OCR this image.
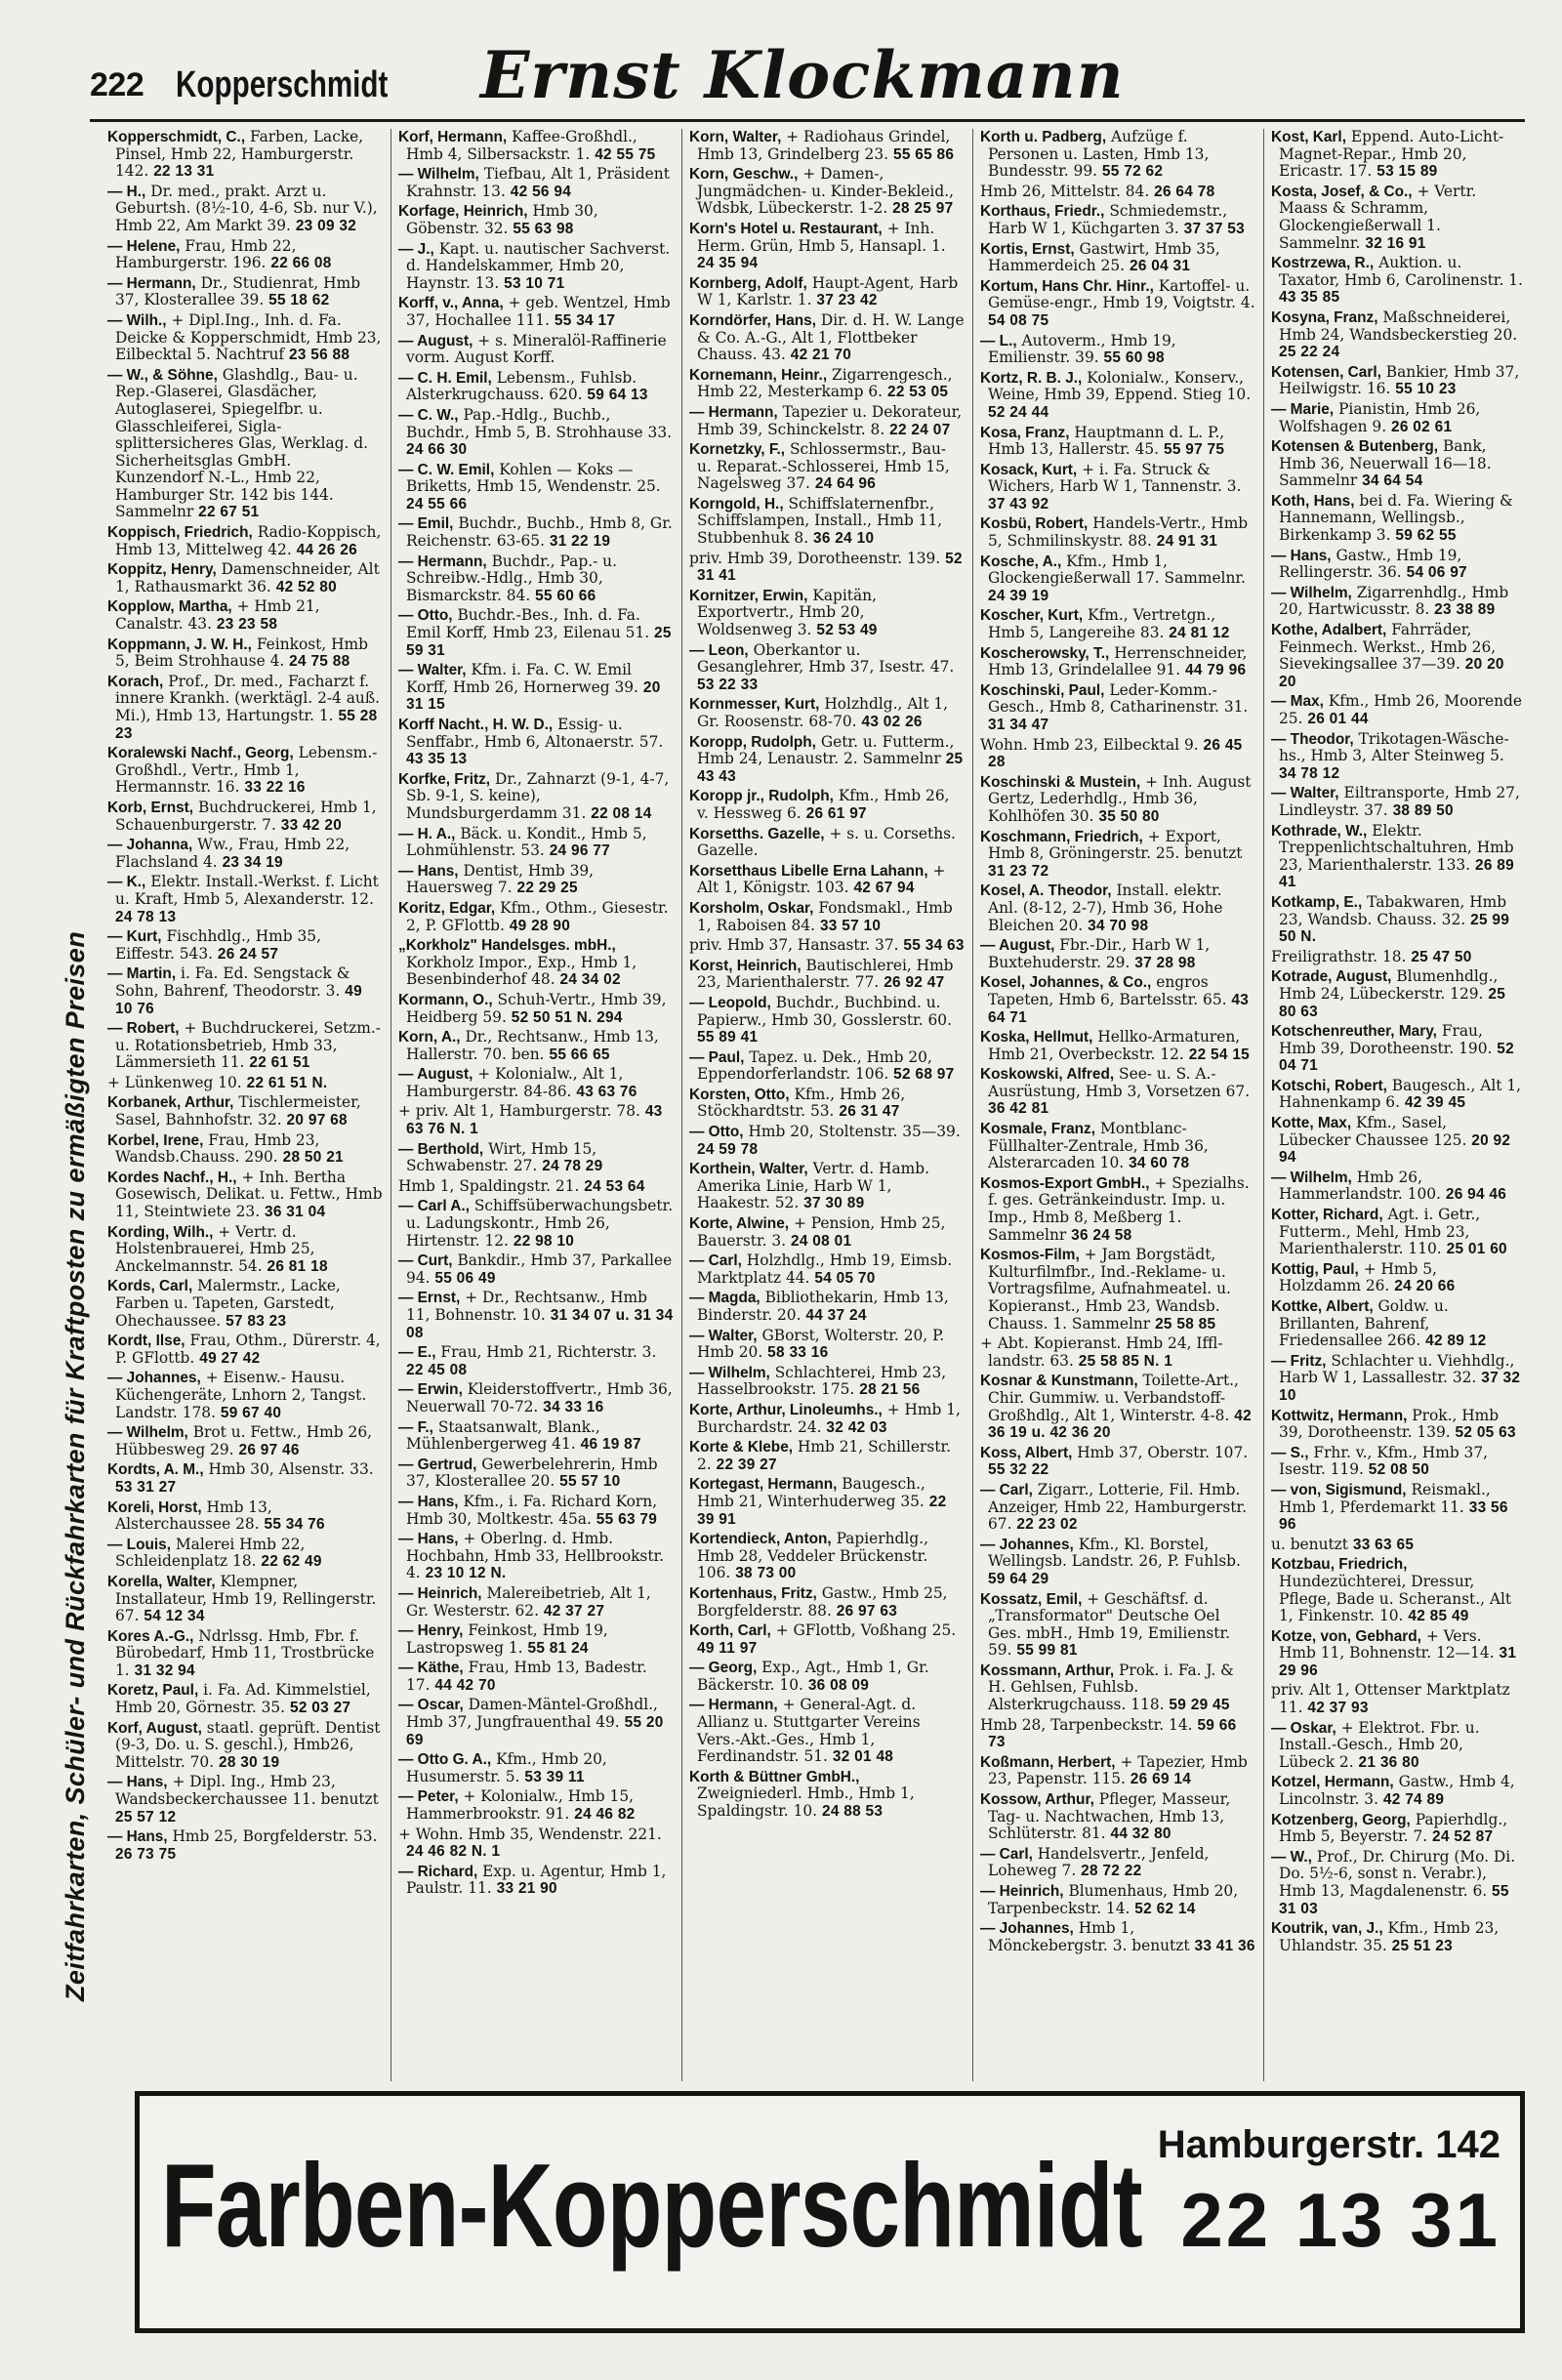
222 Kopperschmidt Ernst Klockmann
Zeitfahrkarten, Schüler- und Rückfahrkarten für Kraftposten zu ermäßigten Preisen
Kopperschmidt, C., Farben, Lacke, Pinsel, Hmb 22, Hamburgerstr. 142. 22 13 31
— H., Dr. med., prakt. Arzt u. Geburtsh. (8½-10, 4-6, Sb. nur V.), Hmb 22, Am Markt 39. 23 09 32
— Helene, Frau, Hmb 22, Hamburgerstr. 196. 22 66 08
— Hermann, Dr., Studienrat, Hmb 37, Klosterallee 39. 55 18 62
— Wilh., + Dipl.Ing., Inh. d. Fa. Deicke & Kopperschmidt, Hmb 23, Eilbecktal 5. Nachtruf 23 56 88
— W., & Söhne, Glashdlg., Bau- u. Rep.-Glaserei, Glasdächer, Autoglaserei, Spiegelfbr. u. Glasschleiferei, Sigla-splittersicheres Glas, Werklag. d. Sicherheitsglas GmbH. Kunzendorf N.-L., Hmb 22, Hamburger Str. 142 bis 144. Sammelnr 22 67 51
Koppisch, Friedrich, Radio-Koppisch, Hmb 13, Mittelweg 42. 44 26 26
Koppitz, Henry, Damenschneider, Alt 1, Rathausmarkt 36. 42 52 80
Kopplow, Martha, + Hmb 21, Canalstr. 43. 23 23 58
Koppmann, J. W. H., Feinkost, Hmb 5, Beim Strohhause 4. 24 75 88
Korach, Prof., Dr. med., Facharzt f. innere Krankh. (werktägl. 2-4 auß. Mi.), Hmb 13, Hartungstr. 1. 55 28 23
Koralewski Nachf., Georg, Lebensm.-Großhdl., Vertr., Hmb 1, Hermannstr. 16. 33 22 16
Korb, Ernst, Buchdruckerei, Hmb 1, Schauenburgerstr. 7. 33 42 20
— Johanna, Ww., Frau, Hmb 22, Flachsland 4. 23 34 19
— K., Elektr. Install.-Werkst. f. Licht u. Kraft, Hmb 5, Alexanderstr. 12. 24 78 13
— Kurt, Fischhdlg., Hmb 35, Eiffestr. 543. 26 24 57
— Martin, i. Fa. Ed. Sengstack & Sohn, Bahrenf, Theodorstr. 3. 49 10 76
— Robert, + Buchdruckerei, Setzm.- u. Rotationsbetrieb, Hmb 33, Lämmersieth 11. 22 61 51
+ Lünkenweg 10. 22 61 51 N.
Korbanek, Arthur, Tischlermeister, Sasel, Bahnhofstr. 32. 20 97 68
Korbel, Irene, Frau, Hmb 23, Wandsb.Chauss. 290. 28 50 21
Kordes Nachf., H., + Inh. Bertha Gosewisch, Delikat. u. Fettw., Hmb 11, Steintwiete 23. 36 31 04
Kording, Wilh., + Vertr. d. Holstenbrauerei, Hmb 25, Anckelmannstr. 54. 26 81 18
Kords, Carl, Malermstr., Lacke, Farben u. Tapeten, Garstedt, Ohechaussee. 57 83 23
Kordt, Ilse, Frau, Othm., Dürerstr. 4, P. GFlottb. 49 27 42
— Johannes, + Eisenw.- Hausu. Küchengeräte, Lnhorn 2, Tangst. Landstr. 178. 59 67 40
— Wilhelm, Brot u. Fettw., Hmb 26, Hübbesweg 29. 26 97 46
Kordts, A. M., Hmb 30, Alsenstr. 33. 53 31 27
Koreli, Horst, Hmb 13, Alsterchaussee 28. 55 34 76
— Louis, Malerei Hmb 22, Schleidenplatz 18. 22 62 49
Korella, Walter, Klempner, Installateur, Hmb 19, Rellingerstr. 67. 54 12 34
Kores A.-G., Ndrlssg. Hmb, Fbr. f. Bürobedarf, Hmb 11, Trostbrücke 1. 31 32 94
Koretz, Paul, i. Fa. Ad. Kimmelstiel, Hmb 20, Görnestr. 35. 52 03 27
Korf, August, staatl. geprüft. Dentist (9-3, Do. u. S. geschl.), Hmb26, Mittelstr. 70. 28 30 19
— Hans, + Dipl. Ing., Hmb 23, Wandsbeckerchaussee 11. benutzt 25 57 12
— Hans, Hmb 25, Borgfelderstr. 53. 26 73 75
Korf, Hermann, Kaffee-Großhdl., Hmb 4, Silbersackstr. 1. 42 55 75
— Wilhelm, Tiefbau, Alt 1, Präsident Krahnstr. 13. 42 56 94
Korfage, Heinrich, Hmb 30, Göbenstr. 32. 55 63 98
— J., Kapt. u. nautischer Sachverst. d. Handelskammer, Hmb 20, Haynstr. 13. 53 10 71
Korff, v., Anna, + geb. Wentzel, Hmb 37, Hochallee 111. 55 34 17
— August, + s. Mineralöl-Raffinerie vorm. August Korff.
— C. H. Emil, Lebensm., Fuhlsb. Alsterkrugchauss. 620. 59 64 13
— C. W., Pap.-Hdlg., Buchb., Buchdr., Hmb 5, B. Strohhause 33. 24 66 30
— C. W. Emil, Kohlen — Koks — Briketts, Hmb 15, Wendenstr. 25. 24 55 66
— Emil, Buchdr., Buchb., Hmb 8, Gr. Reichenstr. 63-65. 31 22 19
— Hermann, Buchdr., Pap.- u. Schreibw.-Hdlg., Hmb 30, Bismarckstr. 84. 55 60 66
— Otto, Buchdr.-Bes., Inh. d. Fa. Emil Korff, Hmb 23, Eilenau 51. 25 59 31
— Walter, Kfm. i. Fa. C. W. Emil Korff, Hmb 26, Hornerweg 39. 20 31 15
Korff Nacht., H. W. D., Essig- u. Senffabr., Hmb 6, Altonaerstr. 57. 43 35 13
Korfke, Fritz, Dr., Zahnarzt (9-1, 4-7, Sb. 9-1, S. keine), Mundsburgerdamm 31. 22 08 14
— H. A., Bäck. u. Kondit., Hmb 5, Lohmühlenstr. 53. 24 96 77
— Hans, Dentist, Hmb 39, Hauersweg 7. 22 29 25
Koritz, Edgar, Kfm., Othm., Giesestr. 2, P. GFlottb. 49 28 90
„Korkholz" Handelsges. mbH., Korkholz Impor., Exp., Hmb 1, Besenbinderhof 48. 24 34 02
Kormann, O., Schuh-Vertr., Hmb 39, Heidberg 59. 52 50 51 N. 294
Korn, A., Dr., Rechtsanw., Hmb 13, Hallerstr. 70. ben. 55 66 65
— August, + Kolonialw., Alt 1, Hamburgerstr. 84-86. 43 63 76
+ priv. Alt 1, Hamburgerstr. 78. 43 63 76 N. 1
— Berthold, Wirt, Hmb 15, Schwabenstr. 27. 24 78 29
Hmb 1, Spaldingstr. 21. 24 53 64
— Carl A., Schiffsüberwachungsbetr. u. Ladungskontr., Hmb 26, Hirtenstr. 12. 22 98 10
— Curt, Bankdir., Hmb 37, Parkallee 94. 55 06 49
— Ernst, + Dr., Rechtsanw., Hmb 11, Bohnenstr. 10. 31 34 07 u. 31 34 08
— E., Frau, Hmb 21, Richterstr. 3. 22 45 08
— Erwin, Kleiderstoffvertr., Hmb 36, Neuerwall 70-72. 34 33 16
— F., Staatsanwalt, Blank., Mühlenbergerweg 41. 46 19 87
— Gertrud, Gewerbelehrerin, Hmb 37, Klosterallee 20. 55 57 10
— Hans, Kfm., i. Fa. Richard Korn, Hmb 30, Moltkestr. 45a. 55 63 79
— Hans, + Oberlng. d. Hmb. Hochbahn, Hmb 33, Hellbrookstr. 4. 23 10 12 N.
— Heinrich, Malereibetrieb, Alt 1, Gr. Westerstr. 62. 42 37 27
— Henry, Feinkost, Hmb 19, Lastropsweg 1. 55 81 24
— Käthe, Frau, Hmb 13, Badestr. 17. 44 42 70
— Oscar, Damen-Mäntel-Großhdl., Hmb 37, Jungfrauenthal 49. 55 20 69
— Otto G. A., Kfm., Hmb 20, Husumerstr. 5. 53 39 11
— Peter, + Kolonialw., Hmb 15, Hammerbrookstr. 91. 24 46 82
+ Wohn. Hmb 35, Wendenstr. 221. 24 46 82 N. 1
— Richard, Exp. u. Agentur, Hmb 1, Paulstr. 11. 33 21 90
Korn, Walter, + Radiohaus Grindel, Hmb 13, Grindelberg 23. 55 65 86
Korn, Geschw., + Damen-, Jungmädchen- u. Kinder-Bekleid., Wdsbk, Lübeckerstr. 1-2. 28 25 97
Korn's Hotel u. Restaurant, + Inh. Herm. Grün, Hmb 5, Hansapl. 1. 24 35 94
Kornberg, Adolf, Haupt-Agent, Harb W 1, Karlstr. 1. 37 23 42
Korndörfer, Hans, Dir. d. H. W. Lange & Co. A.-G., Alt 1, Flottbeker Chauss. 43. 42 21 70
Kornemann, Heinr., Zigarrengesch., Hmb 22, Mesterkamp 6. 22 53 05
— Hermann, Tapezier u. Dekorateur, Hmb 39, Schinckelstr. 8. 22 24 07
Kornetzky, F., Schlossermstr., Bau- u. Reparat.-Schlosserei, Hmb 15, Nagelsweg 37. 24 64 96
Korngold, H., Schiffslaternenfbr., Schiffslampen, Install., Hmb 11, Stubbenhuk 8. 36 24 10
priv. Hmb 39, Dorotheenstr. 139. 52 31 41
Kornitzer, Erwin, Kapitän, Exportvertr., Hmb 20, Woldsenweg 3. 52 53 49
— Leon, Oberkantor u. Gesanglehrer, Hmb 37, Isestr. 47. 53 22 33
Kornmesser, Kurt, Holzhdlg., Alt 1, Gr. Roosenstr. 68-70. 43 02 26
Koropp, Rudolph, Getr. u. Futterm., Hmb 24, Lenaustr. 2. Sammelnr 25 43 43
Koropp jr., Rudolph, Kfm., Hmb 26, v. Hessweg 6. 26 61 97
Korsetths. Gazelle, + s. u. Corseths. Gazelle.
Korsetthaus Libelle Erna Lahann, + Alt 1, Königstr. 103. 42 67 94
Korsholm, Oskar, Fondsmakl., Hmb 1, Raboisen 84. 33 57 10
priv. Hmb 37, Hansastr. 37. 55 34 63
Korst, Heinrich, Bautischlerei, Hmb 23, Marienthalerstr. 77. 26 92 47
— Leopold, Buchdr., Buchbind. u. Papierw., Hmb 30, Gosslerstr. 60. 55 89 41
— Paul, Tapez. u. Dek., Hmb 20, Eppendorferlandstr. 106. 52 68 97
Korsten, Otto, Kfm., Hmb 26, Stöckhardtstr. 53. 26 31 47
— Otto, Hmb 20, Stoltenstr. 35—39. 24 59 78
Korthein, Walter, Vertr. d. Hamb. Amerika Linie, Harb W 1, Haakestr. 52. 37 30 89
Korte, Alwine, + Pension, Hmb 25, Bauerstr. 3. 24 08 01
— Carl, Holzhdlg., Hmb 19, Eimsb. Marktplatz 44. 54 05 70
— Magda, Bibliothekarin, Hmb 13, Binderstr. 20. 44 37 24
— Walter, GBorst, Wolterstr. 20, P. Hmb 20. 58 33 16
— Wilhelm, Schlachterei, Hmb 23, Hasselbrookstr. 175. 28 21 56
Korte, Arthur, Linoleumhs., + Hmb 1, Burchardstr. 24. 32 42 03
Korte & Klebe, Hmb 21, Schillerstr. 2. 22 39 27
Kortegast, Hermann, Baugesch., Hmb 21, Winterhuderweg 35. 22 39 91
Kortendieck, Anton, Papierhdlg., Hmb 28, Veddeler Brückenstr. 106. 38 73 00
Kortenhaus, Fritz, Gastw., Hmb 25, Borgfelderstr. 88. 26 97 63
Korth, Carl, + GFlottb, Voßhang 25. 49 11 97
— Georg, Exp., Agt., Hmb 1, Gr. Bäckerstr. 10. 36 08 09
— Hermann, + General-Agt. d. Allianz u. Stuttgarter Vereins Vers.-Akt.-Ges., Hmb 1, Ferdinandstr. 51. 32 01 48
Korth & Büttner GmbH., Zweigniederl. Hmb., Hmb 1, Spaldingstr. 10. 24 88 53
Korth u. Padberg, Aufzüge f. Personen u. Lasten, Hmb 13, Bundesstr. 99. 55 72 62
Hmb 26, Mittelstr. 84. 26 64 78
Korthaus, Friedr., Schmiedemstr., Harb W 1, Küchgarten 3. 37 37 53
Kortis, Ernst, Gastwirt, Hmb 35, Hammerdeich 25. 26 04 31
Kortum, Hans Chr. Hinr., Kartoffel- u. Gemüse-engr., Hmb 19, Voigtstr. 4. 54 08 75
— L., Autoverm., Hmb 19, Emilienstr. 39. 55 60 98
Kortz, R. B. J., Kolonialw., Konserv., Weine, Hmb 39, Eppend. Stieg 10. 52 24 44
Kosa, Franz, Hauptmann d. L. P., Hmb 13, Hallerstr. 45. 55 97 75
Kosack, Kurt, + i. Fa. Struck & Wichers, Harb W 1, Tannenstr. 3. 37 43 92
Kosbü, Robert, Handels-Vertr., Hmb 5, Schmilinskystr. 88. 24 91 31
Kosche, A., Kfm., Hmb 1, Glockengießerwall 17. Sammelnr. 24 39 19
Koscher, Kurt, Kfm., Vertretgn., Hmb 5, Langereihe 83. 24 81 12
Koscherowsky, T., Herrenschneider, Hmb 13, Grindelallee 91. 44 79 96
Koschinski, Paul, Leder-Komm.-Gesch., Hmb 8, Catharinenstr. 31. 31 34 47
Wohn. Hmb 23, Eilbecktal 9. 26 45 28
Koschinski & Mustein, + Inh. August Gertz, Lederhdlg., Hmb 36, Kohlhöfen 30. 35 50 80
Koschmann, Friedrich, + Export, Hmb 8, Gröningerstr. 25. benutzt 31 23 72
Kosel, A. Theodor, Install. elektr. Anl. (8-12, 2-7), Hmb 36, Hohe Bleichen 20. 34 70 98
— August, Fbr.-Dir., Harb W 1, Buxtehuderstr. 29. 37 28 98
Kosel, Johannes, & Co., engros Tapeten, Hmb 6, Bartelsstr. 65. 43 64 71
Koska, Hellmut, Hellko-Armaturen, Hmb 21, Overbeckstr. 12. 22 54 15
Koskowski, Alfred, See- u. S. A.-Ausrüstung, Hmb 3, Vorsetzen 67. 36 42 81
Kosmale, Franz, Montblanc-Füllhalter-Zentrale, Hmb 36, Alsterarcaden 10. 34 60 78
Kosmos-Export GmbH., + Spezialhs. f. ges. Getränkeindustr. Imp. u. Imp., Hmb 8, Meßberg 1. Sammelnr 36 24 58
Kosmos-Film, + Jam Borgstädt, Kulturfilmfbr., Ind.-Reklame- u. Vortragsfilme, Aufnahmeatel. u. Kopieranst., Hmb 23, Wandsb. Chauss. 1. Sammelnr 25 58 85
+ Abt. Kopieranst. Hmb 24, Iffl-landstr. 63. 25 58 85 N. 1
Kosnar & Kunstmann, Toilette-Art., Chir. Gummiw. u. Verbandstoff-Großhdlg., Alt 1, Winterstr. 4-8. 42 36 19 u. 42 36 20
Koss, Albert, Hmb 37, Oberstr. 107. 55 32 22
— Carl, Zigarr., Lotterie, Fil. Hmb. Anzeiger, Hmb 22, Hamburgerstr. 67. 22 23 02
— Johannes, Kfm., Kl. Borstel, Wellingsb. Landstr. 26, P. Fuhlsb. 59 64 29
Kossatz, Emil, + Geschäftsf. d. „Transformator" Deutsche Oel Ges. mbH., Hmb 19, Emilienstr. 59. 55 99 81
Kossmann, Arthur, Prok. i. Fa. J. & H. Gehlsen, Fuhlsb. Alsterkrugchauss. 118. 59 29 45
Hmb 28, Tarpenbeckstr. 14. 59 66 73
Koßmann, Herbert, + Tapezier, Hmb 23, Papenstr. 115. 26 69 14
Kossow, Arthur, Pfleger, Masseur, Tag- u. Nachtwachen, Hmb 13, Schlüterstr. 81. 44 32 80
— Carl, Handelsvertr., Jenfeld, Loheweg 7. 28 72 22
— Heinrich, Blumenhaus, Hmb 20, Tarpenbeckstr. 14. 52 62 14
— Johannes, Hmb 1, Mönckebergstr. 3. benutzt 33 41 36
Kost, Karl, Eppend. Auto-Licht-Magnet-Repar., Hmb 20, Ericastr. 17. 53 15 89
Kosta, Josef, & Co., + Vertr. Maass & Schramm, Glockengießerwall 1. Sammelnr. 32 16 91
Kostrzewa, R., Auktion. u. Taxator, Hmb 6, Carolinenstr. 1. 43 35 85
Kosyna, Franz, Maßschneiderei, Hmb 24, Wandsbeckerstieg 20. 25 22 24
Kotensen, Carl, Bankier, Hmb 37, Heilwigstr. 16. 55 10 23
— Marie, Pianistin, Hmb 26, Wolfshagen 9. 26 02 61
Kotensen & Butenberg, Bank, Hmb 36, Neuerwall 16—18. Sammelnr 34 64 54
Koth, Hans, bei d. Fa. Wiering & Hannemann, Wellingsb., Birkenkamp 3. 59 62 55
— Hans, Gastw., Hmb 19, Rellingerstr. 36. 54 06 97
— Wilhelm, Zigarrenhdlg., Hmb 20, Hartwicusstr. 8. 23 38 89
Kothe, Adalbert, Fahrräder, Feinmech. Werkst., Hmb 26, Sievekingsallee 37—39. 20 20 20
— Max, Kfm., Hmb 26, Moorende 25. 26 01 44
— Theodor, Trikotagen-Wäsche-hs., Hmb 3, Alter Steinweg 5. 34 78 12
— Walter, Eiltransporte, Hmb 27, Lindleystr. 37. 38 89 50
Kothrade, W., Elektr. Treppenlichtschaltuhren, Hmb 23, Marienthalerstr. 133. 26 89 41
Kotkamp, E., Tabakwaren, Hmb 23, Wandsb. Chauss. 32. 25 99 50 N.
Freiligrathstr. 18. 25 47 50
Kotrade, August, Blumenhdlg., Hmb 24, Lübeckerstr. 129. 25 80 63
Kotschenreuther, Mary, Frau, Hmb 39, Dorotheenstr. 190. 52 04 71
Kotschi, Robert, Baugesch., Alt 1, Hahnenkamp 6. 42 39 45
Kotte, Max, Kfm., Sasel, Lübecker Chaussee 125. 20 92 94
— Wilhelm, Hmb 26, Hammerlandstr. 100. 26 94 46
Kotter, Richard, Agt. i. Getr., Futterm., Mehl, Hmb 23, Marienthalerstr. 110. 25 01 60
Kottig, Paul, + Hmb 5, Holzdamm 26. 24 20 66
Kottke, Albert, Goldw. u. Brillanten, Bahrenf, Friedensallee 266. 42 89 12
— Fritz, Schlachter u. Viehhdlg., Harb W 1, Lassallestr. 32. 37 32 10
Kottwitz, Hermann, Prok., Hmb 39, Dorotheenstr. 139. 52 05 63
— S., Frhr. v., Kfm., Hmb 37, Isestr. 119. 52 08 50
— von, Sigismund, Reismakl., Hmb 1, Pferdemarkt 11. 33 56 96
u. benutzt 33 63 65
Kotzbau, Friedrich, Hundezüchterei, Dressur, Pflege, Bade u. Scheranst., Alt 1, Finkenstr. 10. 42 85 49
Kotze, von, Gebhard, + Vers. Hmb 11, Bohnenstr. 12—14. 31 29 96
priv. Alt 1, Ottenser Marktplatz 11. 42 37 93
— Oskar, + Elektrot. Fbr. u. Install.-Gesch., Hmb 20, Lübeck 2. 21 36 80
Kotzel, Hermann, Gastw., Hmb 4, Lincolnstr. 3. 42 74 89
Kotzenberg, Georg, Papierhdlg., Hmb 5, Beyerstr. 7. 24 52 87
— W., Prof., Dr. Chirurg (Mo. Di. Do. 5½-6, sonst n. Verabr.), Hmb 13, Magdalenenstr. 6. 55 31 03
Koutrik, van, J., Kfm., Hmb 23, Uhlandstr. 35. 25 51 23
Farben-Kopperschmidt Hamburgerstr. 142
22 13 31
